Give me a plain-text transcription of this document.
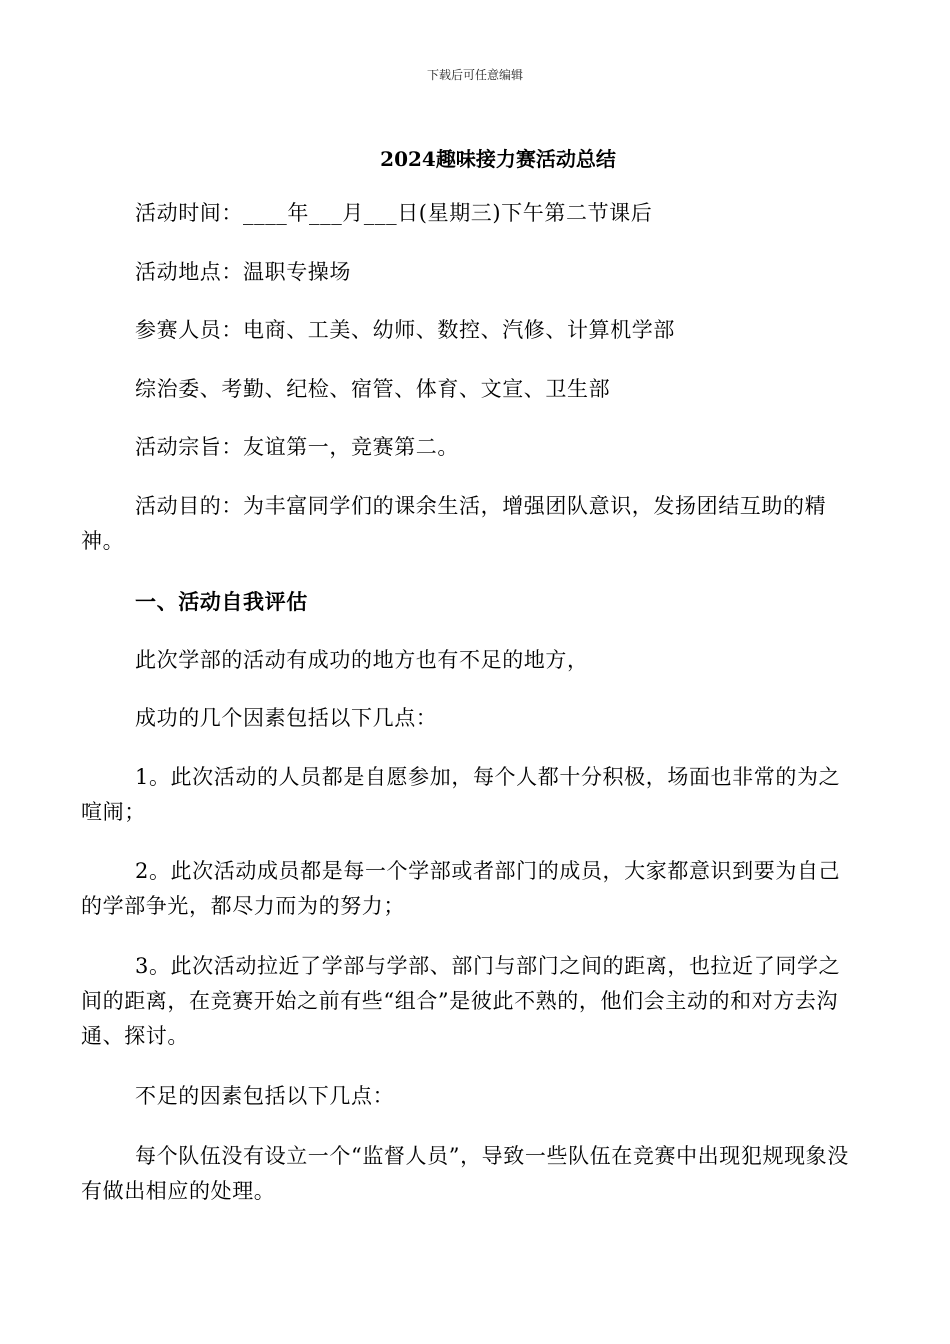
下载后可任意编辑
2024趣味接力赛活动总结
活动时间：____年___月___日(星期三)下午第二节课后
活动地点：温职专操场
参赛人员：电商、工美、幼师、数控、汽修、计算机学部
综治委、考勤、纪检、宿管、体育、文宣、卫生部
活动宗旨：友谊第一，竞赛第二。
活动目的：为丰富同学们的课余生活，增强团队意识，发扬团结互助的精神。
一、活动自我评估
此次学部的活动有成功的地方也有不足的地方，
成功的几个因素包括以下几点：
1。此次活动的人员都是自愿参加，每个人都十分积极，场面也非常的为之喧闹；
2。此次活动成员都是每一个学部或者部门的成员，大家都意识到要为自己的学部争光，都尽力而为的努力；
3。此次活动拉近了学部与学部、部门与部门之间的距离，也拉近了同学之间的距离，在竞赛开始之前有些“组合”是彼此不熟的，他们会主动的和对方去沟通、探讨。
不足的因素包括以下几点：
每个队伍没有设立一个“监督人员”，导致一些队伍在竞赛中出现犯规现象没有做出相应的处理。
